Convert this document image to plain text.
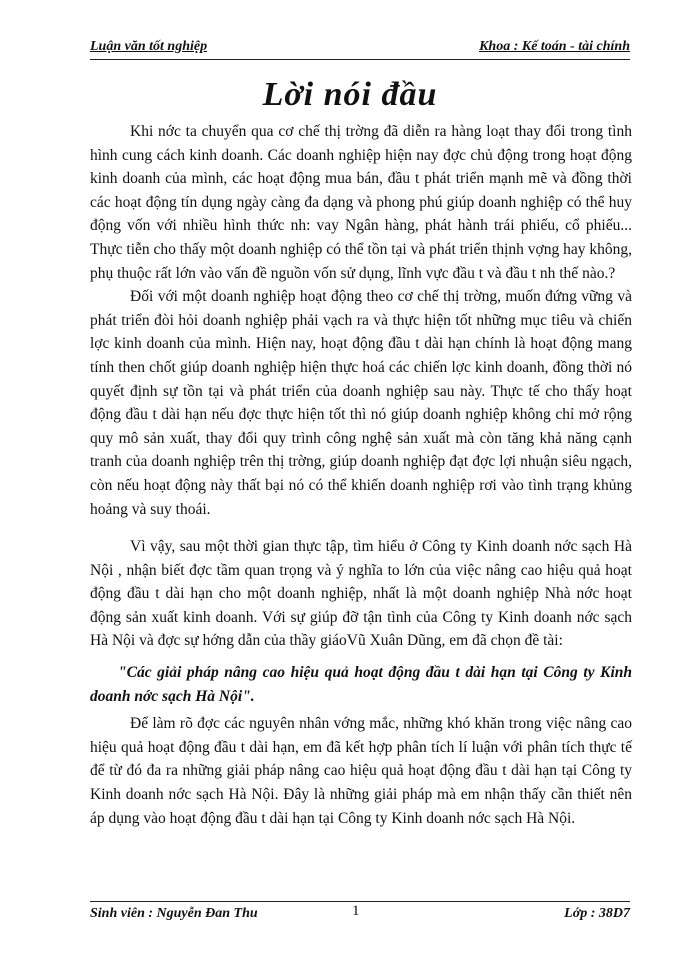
Luận văn tốt nghiệp	Khoa : Kế toán - tài chính
Lời nói đầu

Khi nớc ta chuyển qua cơ chế thị trờng đã diễn ra hàng loạt thay đổi trong tình hình cung cách kinh doanh. Các doanh nghiệp hiện nay đợc chủ động trong hoạt động kinh doanh của mình, các hoạt động mua bán, đầu t phát triển mạnh mẽ và đồng thời các hoạt động tín dụng ngày càng đa dạng và phong phú giúp doanh nghiệp có thể huy động vốn với nhiều hình thức nh: vay Ngân hàng, phát hành trái phiếu, cổ phiếu... Thực tiễn cho thấy một doanh nghiệp có thể tồn tại và phát triển thịnh vợng hay không, phụ thuộc rất lớn vào vấn đề nguồn vốn sử dụng, lĩnh vực đầu t và đầu t nh thế nào.?

Đối với một doanh nghiệp hoạt động theo cơ chế thị trờng, muốn đứng vững và phát triển đòi hỏi doanh nghiệp phải vạch ra và thực hiện tốt những mục tiêu và chiến lợc kinh doanh của mình. Hiện nay, hoạt động đầu t dài hạn chính là hoạt động mang tính then chốt giúp doanh nghiệp hiện thực hoá các chiến lợc kinh doanh, đồng thời nó quyết định sự tồn tại và phát triển của doanh nghiệp sau này. Thực tế cho thấy hoạt động đầu t dài hạn nếu đợc thực hiện tốt thì nó giúp doanh nghiệp không chỉ mở rộng quy mô sản xuất, thay đổi quy trình công nghệ sản xuất mà còn tăng khả năng cạnh tranh của doanh nghiệp trên thị trờng, giúp doanh nghiệp đạt đợc lợi nhuận siêu ngạch, còn nếu hoạt động này thất bại nó có thể khiến doanh nghiệp rơi vào tình trạng khủng hoảng và suy thoái.

Vì vậy, sau một thời gian thực tập, tìm hiểu ở Công ty Kinh doanh nớc sạch Hà Nội , nhận biết đợc tầm quan trọng và ý nghĩa to lớn của việc nâng cao hiệu quả hoạt động đầu t dài hạn cho một doanh nghiệp, nhất là một doanh nghiệp Nhà nớc hoạt động sản xuất kinh doanh. Với sự giúp đỡ tận tình của Công ty Kinh doanh nớc sạch Hà Nội và đợc sự hớng dẫn của thầy giáoVũ Xuân Dũng, em đã chọn đề tài:

"Các giải pháp nâng cao hiệu quả hoạt động đầu t dài hạn tại Công ty Kinh doanh nớc sạch Hà Nội".

Để làm rõ đợc các nguyên nhân vớng mắc, những khó khăn trong việc nâng cao hiệu quả hoạt động đầu t dài hạn, em đã kết hợp phân tích lí luận với phân tích thực tế để từ đó đa ra những giải pháp nâng cao hiệu quả hoạt động đầu t dài hạn tại Công ty Kinh doanh nớc sạch Hà Nội. Đây là những giải pháp mà em nhận thấy cần thiết nên áp dụng vào hoạt động đầu t dài hạn tại Công ty Kinh doanh nớc sạch Hà Nội.

Sinh viên : Nguyễn Đan Thu	1	Lớp : 38D7
